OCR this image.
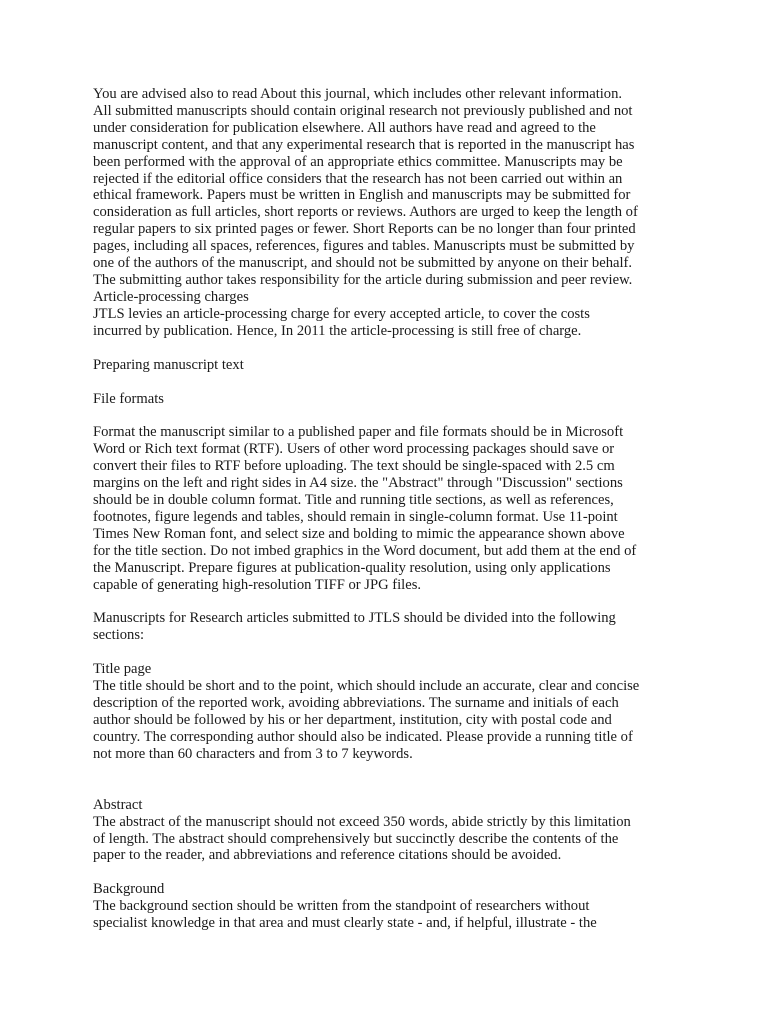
You are advised also to read About this journal, which includes other relevant information.
All submitted manuscripts should contain original research not previously published and not
under consideration for publication elsewhere. All authors have read and agreed to the
manuscript content, and that any experimental research that is reported in the manuscript has
been performed with the approval of an appropriate ethics committee. Manuscripts may be
rejected if the editorial office considers that the research has not been carried out within an
ethical framework. Papers must be written in English and manuscripts may be submitted for
consideration as full articles, short reports or reviews. Authors are urged to keep the length of
regular papers to six printed pages or fewer. Short Reports can be no longer than four printed
pages, including all spaces, references, figures and tables. Manuscripts must be submitted by
one of the authors of the manuscript, and should not be submitted by anyone on their behalf.
The submitting author takes responsibility for the article during submission and peer review.
Article-processing charges
JTLS levies an article-processing charge for every accepted article, to cover the costs
incurred by publication. Hence, In 2011 the article-processing is still free of charge.
Preparing manuscript text
File formats
Format the manuscript similar to a published paper and file formats should be in Microsoft
Word or Rich text format (RTF). Users of other word processing packages should save or
convert their files to RTF before uploading. The text should be single-spaced with 2.5 cm
margins on the left and right sides in A4 size. the "Abstract" through "Discussion" sections
should be in double column format. Title and running title sections, as well as references,
footnotes, figure legends and tables, should remain in single-column format. Use 11-point
Times New Roman font, and select size and bolding to mimic the appearance shown above
for the title section. Do not imbed graphics in the Word document, but add them at the end of
the Manuscript. Prepare figures at publication-quality resolution, using only applications
capable of generating high-resolution TIFF or JPG files.
Manuscripts for Research articles submitted to JTLS should be divided into the following
sections:
Title page
The title should be short and to the point, which should include an accurate, clear and concise
description of the reported work, avoiding abbreviations. The surname and initials of each
author should be followed by his or her department, institution, city with postal code and
country. The corresponding author should also be indicated. Please provide a running title of
not more than 60 characters and from 3 to 7 keywords.
Abstract
The abstract of the manuscript should not exceed 350 words, abide strictly by this limitation
of length. The abstract should comprehensively but succinctly describe the contents of the
paper to the reader, and abbreviations and reference citations should be avoided.
Background
The background section should be written from the standpoint of researchers without
specialist knowledge in that area and must clearly state - and, if helpful, illustrate - the
